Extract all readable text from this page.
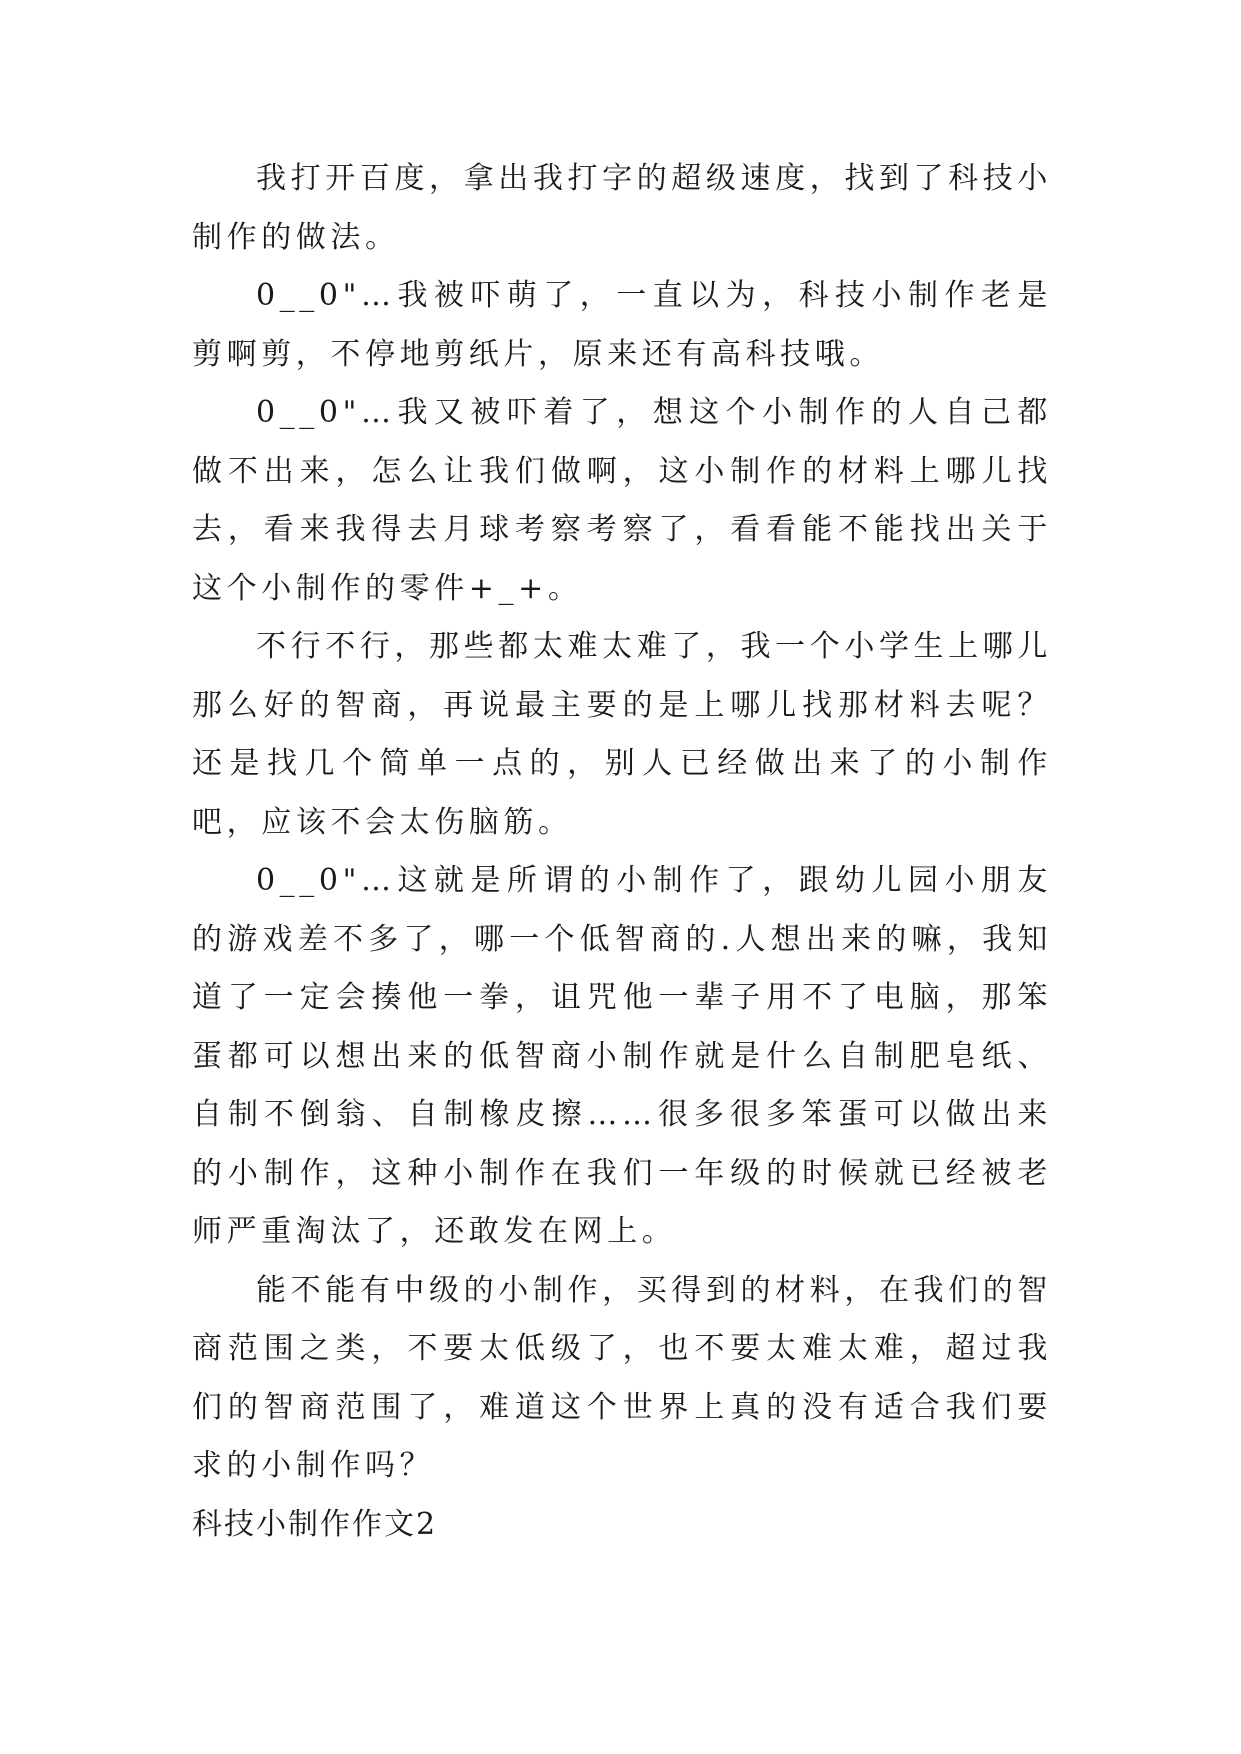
我打开百度，拿出我打字的超级速度，找到了科技小制作的做法。

0__0"…我被吓萌了，一直以为，科技小制作老是剪啊剪，不停地剪纸片，原来还有高科技哦。

0__0"…我又被吓着了，想这个小制作的人自己都做不出来，怎么让我们做啊，这小制作的材料上哪儿找去，看来我得去月球考察考察了，看看能不能找出关于这个小制作的零件+_+。

不行不行，那些都太难太难了，我一个小学生上哪儿那么好的智商，再说最主要的是上哪儿找那材料去呢？还是找几个简单一点的，别人已经做出来了的小制作吧，应该不会太伤脑筋。

0__0"…这就是所谓的小制作了，跟幼儿园小朋友的游戏差不多了，哪一个低智商的.人想出来的嘛，我知道了一定会揍他一拳，诅咒他一辈子用不了电脑，那笨蛋都可以想出来的低智商小制作就是什么自制肥皂纸、自制不倒翁、自制橡皮擦……很多很多笨蛋可以做出来的小制作，这种小制作在我们一年级的时候就已经被老师严重淘汰了，还敢发在网上。

能不能有中级的小制作，买得到的材料，在我们的智商范围之类，不要太低级了，也不要太难太难，超过我们的智商范围了，难道这个世界上真的没有适合我们要求的小制作吗？

科技小制作作文2
